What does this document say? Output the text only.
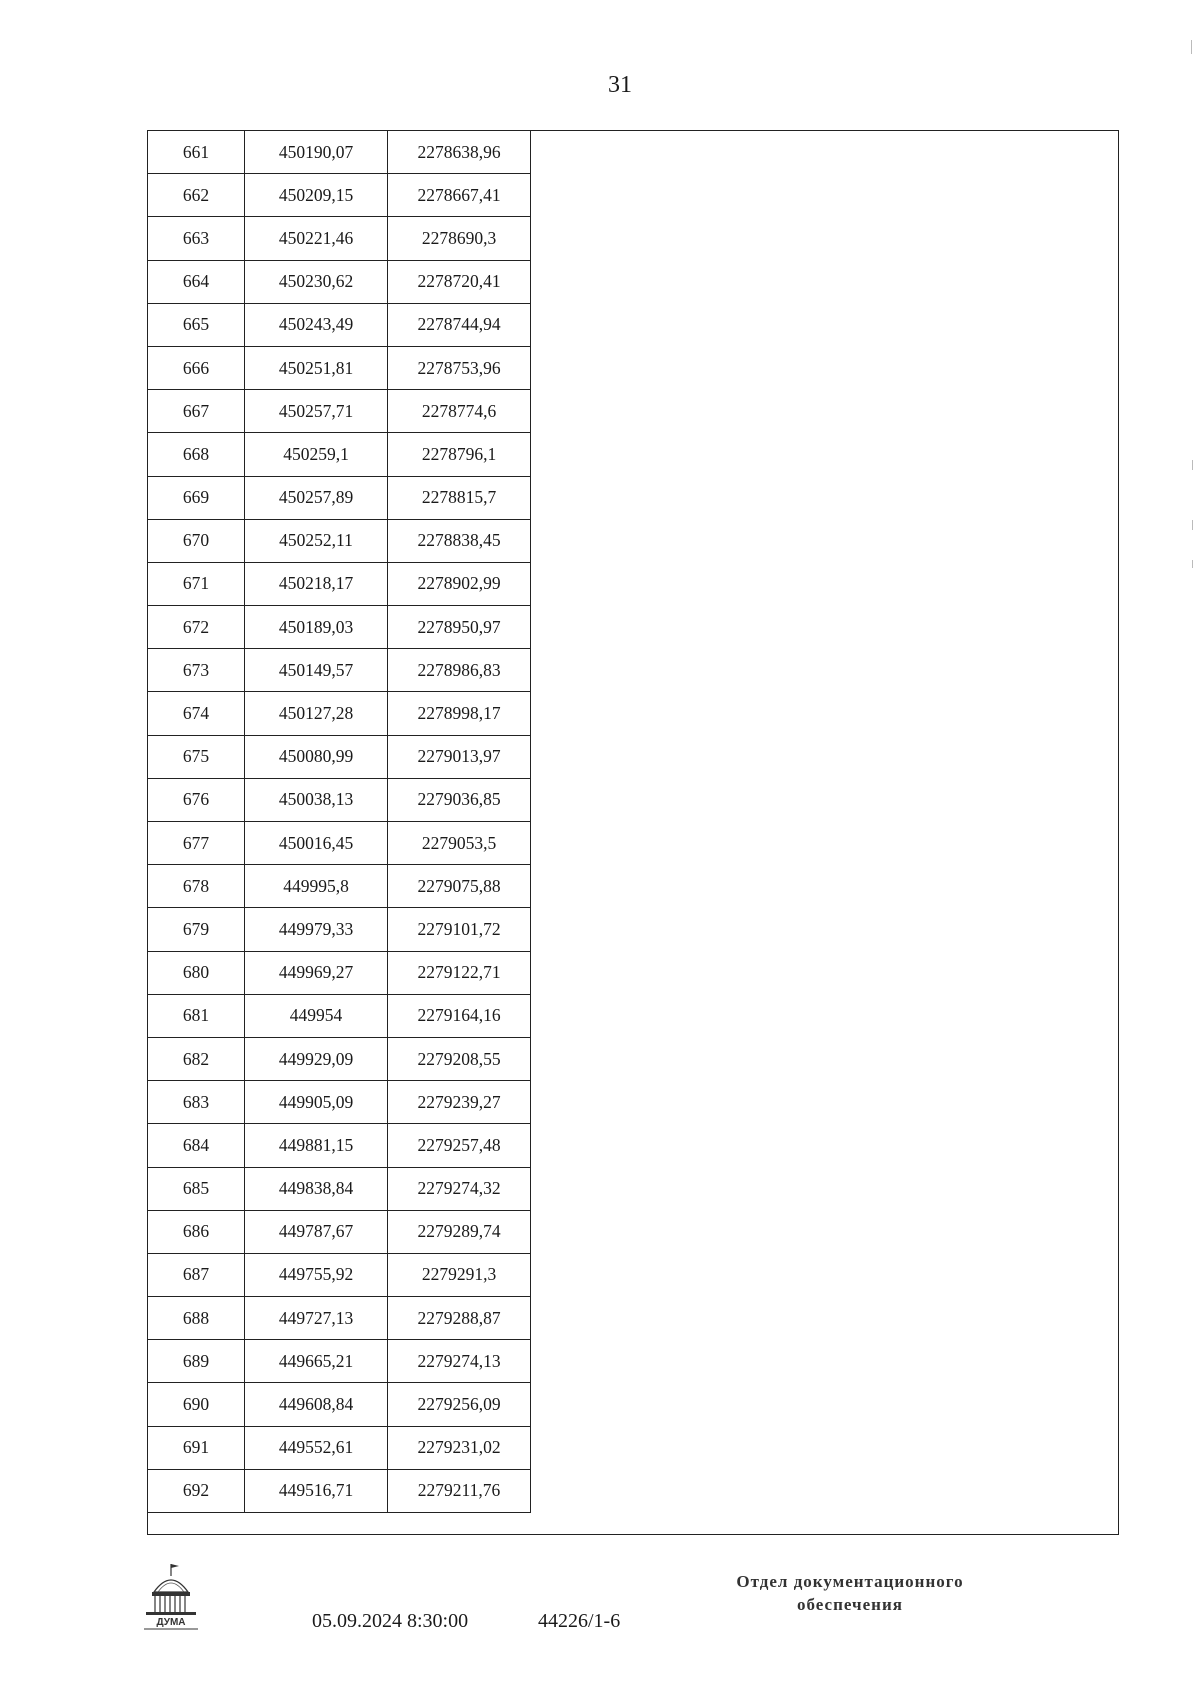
31
661	450190,07	2278638,96
662	450209,15	2278667,41
663	450221,46	2278690,3
664	450230,62	2278720,41
665	450243,49	2278744,94
666	450251,81	2278753,96
667	450257,71	2278774,6
668	450259,1	2278796,1
669	450257,89	2278815,7
670	450252,11	2278838,45
671	450218,17	2278902,99
672	450189,03	2278950,97
673	450149,57	2278986,83
674	450127,28	2278998,17
675	450080,99	2279013,97
676	450038,13	2279036,85
677	450016,45	2279053,5
678	449995,8	2279075,88
679	449979,33	2279101,72
680	449969,27	2279122,71
681	449954	2279164,16
682	449929,09	2279208,55
683	449905,09	2279239,27
684	449881,15	2279257,48
685	449838,84	2279274,32
686	449787,67	2279289,74
687	449755,92	2279291,3
688	449727,13	2279288,87
689	449665,21	2279274,13
690	449608,84	2279256,09
691	449552,61	2279231,02
692	449516,71	2279211,76
ДУМА	05.09.2024 8:30:00	44226/1-6
Отдел документационного
обеспечения
